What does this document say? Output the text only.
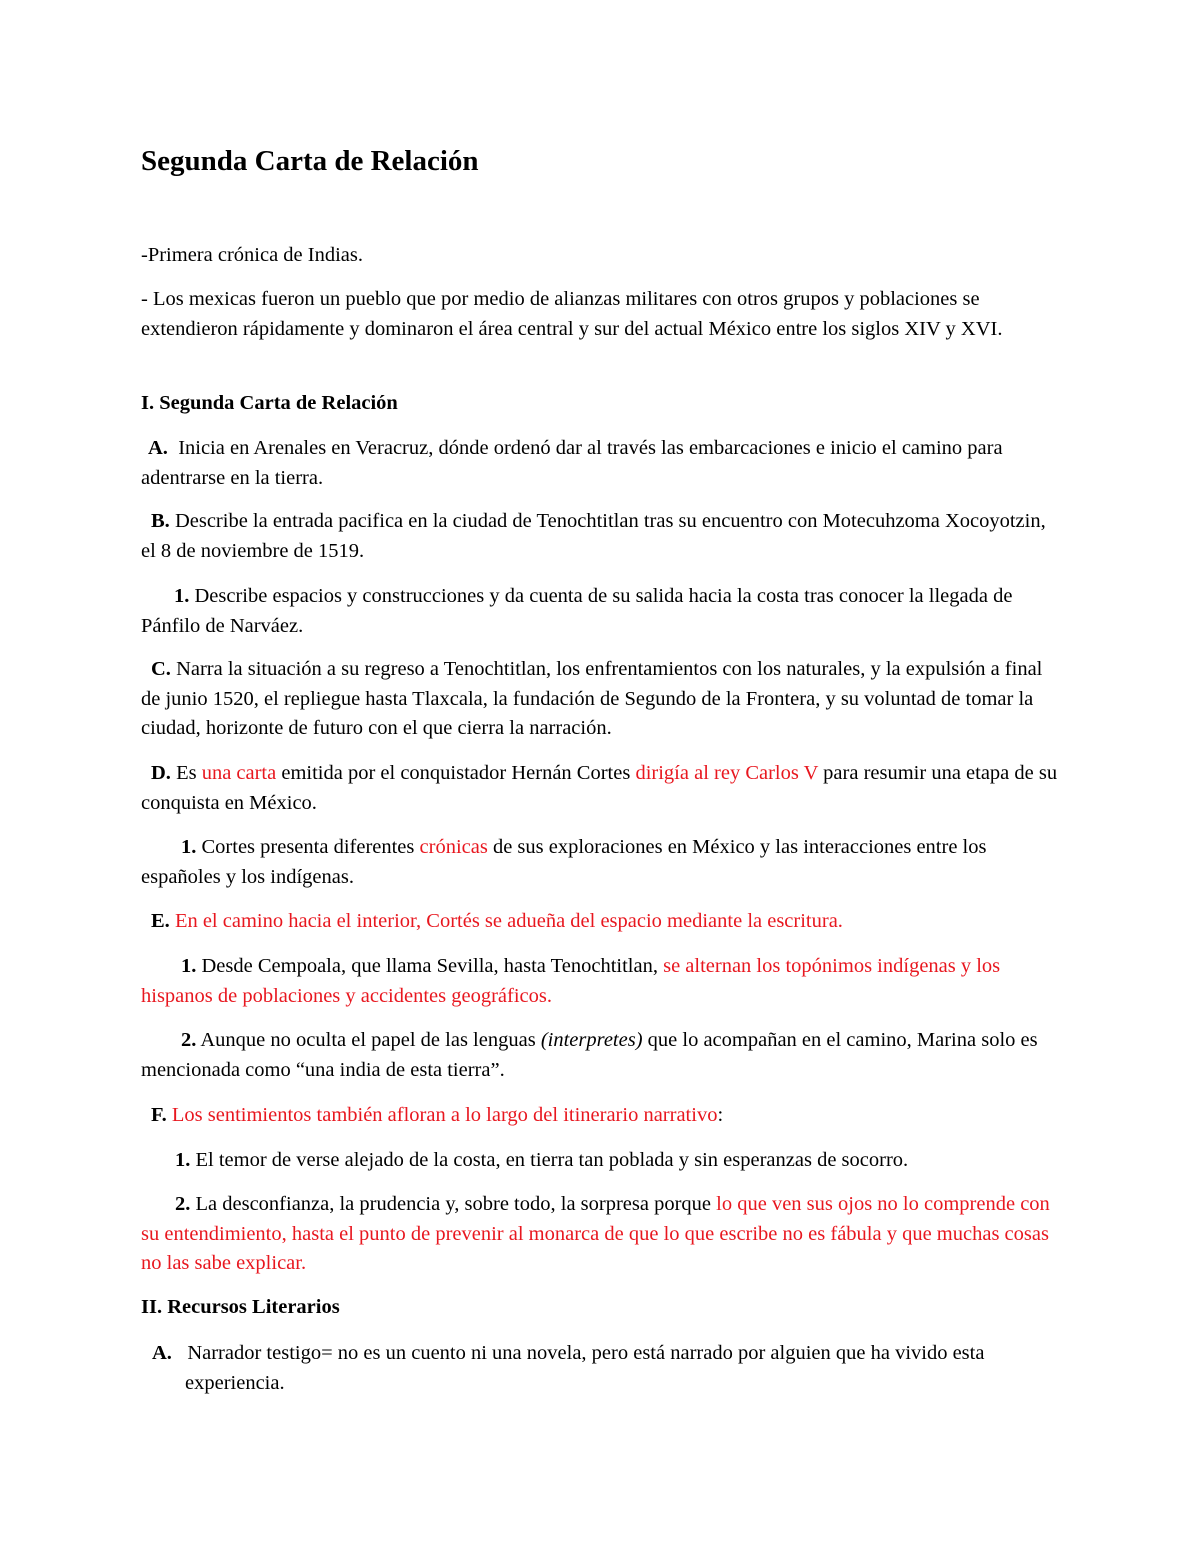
Segunda Carta de Relación

-Primera crónica de Indias.

- Los mexicas fueron un pueblo que por medio de alianzas militares con otros grupos y poblaciones se extendieron rápidamente y dominaron el área central y sur del actual México entre los siglos XIV y XVI.

I. Segunda Carta de Relación

A. Inicia en Arenales en Veracruz, dónde ordenó dar al través las embarcaciones e inicio el camino para adentrarse en la tierra.

B. Describe la entrada pacifica en la ciudad de Tenochtitlan tras su encuentro con Motecuhzoma Xocoyotzin, el 8 de noviembre de 1519.

1. Describe espacios y construcciones y da cuenta de su salida hacia la costa tras conocer la llegada de Pánfilo de Narváez.

C. Narra la situación a su regreso a Tenochtitlan, los enfrentamientos con los naturales, y la expulsión a final de junio 1520, el repliegue hasta Tlaxcala, la fundación de Segundo de la Frontera, y su voluntad de tomar la ciudad, horizonte de futuro con el que cierra la narración.

D. Es una carta emitida por el conquistador Hernán Cortes dirigía al rey Carlos V para resumir una etapa de su conquista en México.

1. Cortes presenta diferentes crónicas de sus exploraciones en México y las interacciones entre los españoles y los indígenas.

E. En el camino hacia el interior, Cortés se adueña del espacio mediante la escritura.

1. Desde Cempoala, que llama Sevilla, hasta Tenochtitlan, se alternan los topónimos indígenas y los hispanos de poblaciones y accidentes geográficos.

2. Aunque no oculta el papel de las lenguas (interpretes) que lo acompañan en el camino, Marina solo es mencionada como “una india de esta tierra”.

F. Los sentimientos también afloran a lo largo del itinerario narrativo:

1. El temor de verse alejado de la costa, en tierra tan poblada y sin esperanzas de socorro.

2. La desconfianza, la prudencia y, sobre todo, la sorpresa porque lo que ven sus ojos no lo comprende con su entendimiento, hasta el punto de prevenir al monarca de que lo que escribe no es fábula y que muchas cosas no las sabe explicar.

II. Recursos Literarios

A. Narrador testigo= no es un cuento ni una novela, pero está narrado por alguien que ha vivido esta experiencia.
